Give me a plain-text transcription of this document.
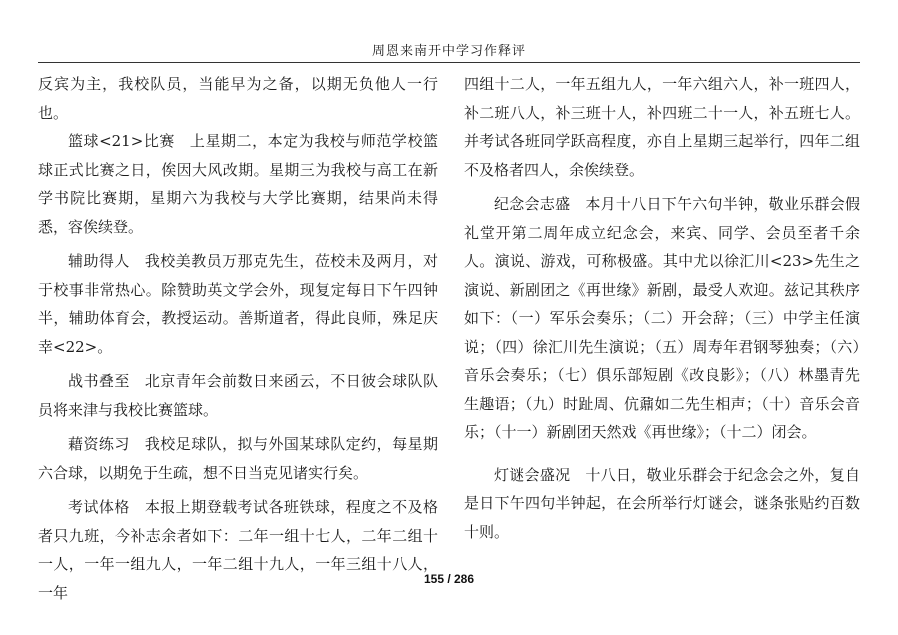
周恩来南开中学习作释评

反宾为主，我校队员，当能早为之备，以期无负他人一行也。

篮球<21>比赛 上星期二，本定为我校与师范学校篮球正式比赛之日，俟因大风改期。星期三为我校与高工在新学书院比赛期，星期六为我校与大学比赛期，结果尚未得悉，容俟续登。

辅助得人 我校美教员万那克先生，莅校未及两月，对于校事非常热心。除赞助英文学会外，现复定每日下午四钟半，辅助体育会，教授运动。善斯道者，得此良师，殊足庆幸<22>。

战书叠至 北京青年会前数日来函云，不日彼会球队队员将来津与我校比赛篮球。

藉资练习 我校足球队，拟与外国某球队定约，每星期六合球，以期免于生疏，想不日当克见诸实行矣。

考试体格 本报上期登载考试各班铁球，程度之不及格者只九班，今补志余者如下：二年一组十七人，二年二组十一人，一年一组九人，一年二组十九人，一年三组十八人，一年

四组十二人，一年五组九人，一年六组六人，补一班四人，补二班八人，补三班十人，补四班二十一人，补五班七人。并考试各班同学跃高程度，亦自上星期三起举行，四年二组不及格者四人，余俟续登。

纪念会志盛 本月十八日下午六句半钟，敬业乐群会假礼堂开第二周年成立纪念会，来宾、同学、会员至者千余人。演说、游戏，可称极盛。其中尤以徐汇川<23>先生之演说、新剧团之《再世缘》新剧，最受人欢迎。兹记其秩序如下：（一）军乐会奏乐；（二）开会辞；（三）中学主任演说；（四）徐汇川先生演说；（五）周寿年君钢琴独奏；（六）音乐会奏乐；（七）俱乐部短剧《改良影》；（八）林墨青先生趣语；（九）时趾周、伉鼐如二先生相声；（十）音乐会音乐；（十一）新剧团天然戏《再世缘》；（十二）闭会。

灯谜会盛况 十八日，敬业乐群会于纪念会之外，复自是日下午四句半钟起，在会所举行灯谜会，谜条张贴约百数十则。

155 / 286
